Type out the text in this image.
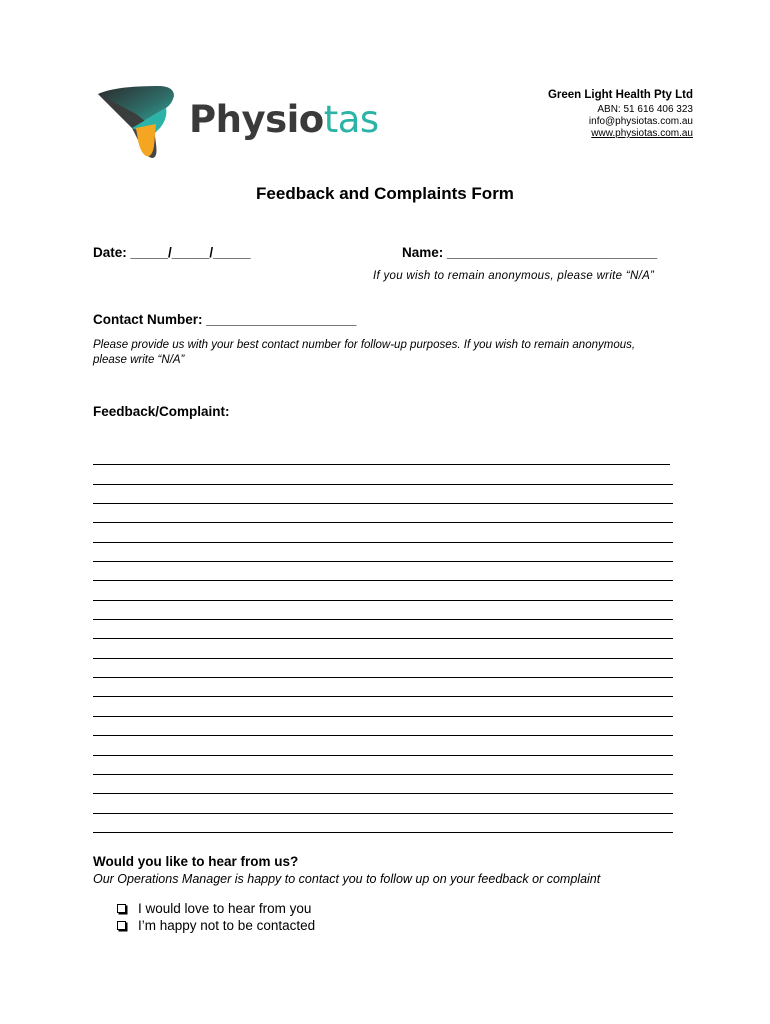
Physiotas
Green Light Health Pty Ltd
ABN: 51 616 406 323
info@physiotas.com.au
www.physiotas.com.au
Feedback and Complaints Form
Date: _____/_____/_____	Name: ____________________________
If you wish to remain anonymous, please write “N/A”
Contact Number: ____________________
Please provide us with your best contact number for follow-up purposes. If you wish to remain anonymous, please write “N/A”
Feedback/Complaint:
Would you like to hear from us?
Our Operations Manager is happy to contact you to follow up on your feedback or complaint
I would love to hear from you
I’m happy not to be contacted
